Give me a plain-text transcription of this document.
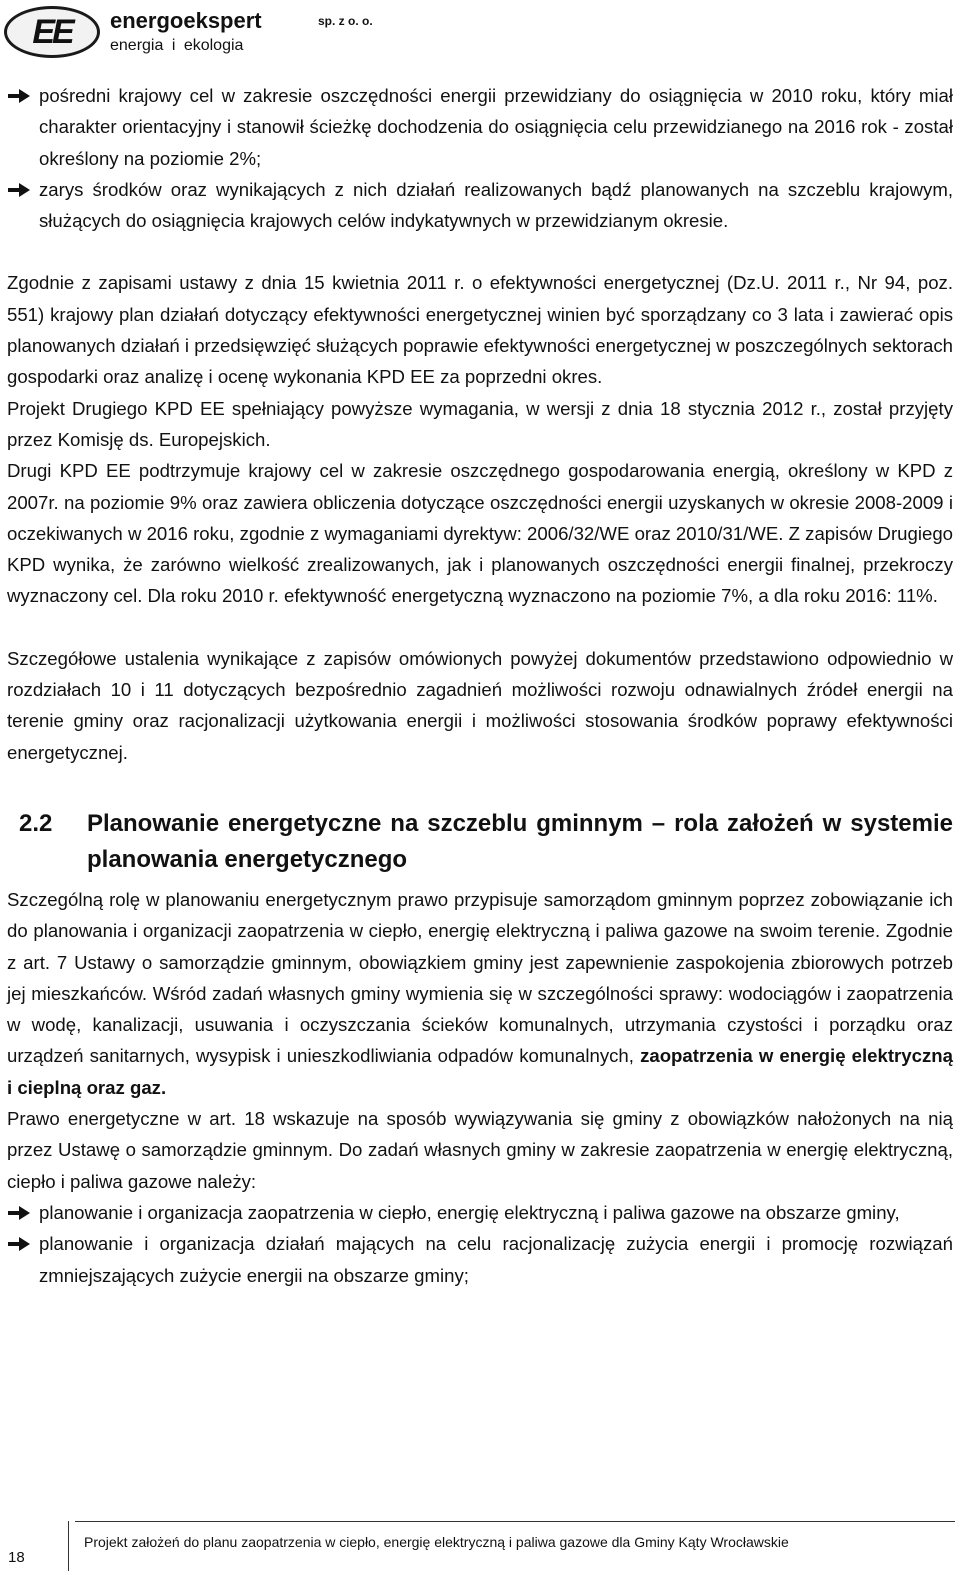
EE energoekspert	sp. z o. o.
energia i ekologia
pośredni krajowy cel w zakresie oszczędności energii przewidziany do osiągnięcia w 2010 roku, który miał charakter orientacyjny i stanowił ścieżkę dochodzenia do osiągnięcia celu przewidzianego na 2016 rok - został określony na poziomie 2%;
zarys środków oraz wynikających z nich działań realizowanych bądź planowanych na szczeblu krajowym, służących do osiągnięcia krajowych celów indykatywnych w przewidzianym okresie.

Zgodnie z zapisami ustawy z dnia 15 kwietnia 2011 r. o efektywności energetycznej (Dz.U. 2011 r., Nr 94, poz. 551) krajowy plan działań dotyczący efektywności energetycznej winien być sporządzany co 3 lata i zawierać opis planowanych działań i przedsięwzięć służących poprawie efektywności energetycznej w poszczególnych sektorach gospodarki oraz analizę i ocenę wykonania KPD EE za poprzedni okres.

Projekt Drugiego KPD EE spełniający powyższe wymagania, w wersji z dnia 18 stycznia 2012 r., został przyjęty przez Komisję ds. Europejskich.

Drugi KPD EE podtrzymuje krajowy cel w zakresie oszczędnego gospodarowania energią, określony w KPD z 2007r. na poziomie 9% oraz zawiera obliczenia dotyczące oszczędności energii uzyskanych w okresie 2008-2009 i oczekiwanych w 2016 roku, zgodnie z wymaganiami dyrektyw: 2006/32/WE oraz 2010/31/WE. Z zapisów Drugiego KPD wynika, że zarówno wielkość zrealizowanych, jak i planowanych oszczędności energii finalnej, przekroczy wyznaczony cel. Dla roku 2010 r. efektywność energetyczną wyznaczono na poziomie 7%, a dla roku 2016: 11%.

Szczegółowe ustalenia wynikające z zapisów omówionych powyżej dokumentów przedstawiono odpowiednio w rozdziałach 10 i 11 dotyczących bezpośrednio zagadnień możliwości rozwoju odnawialnych źródeł energii na terenie gminy oraz racjonalizacji użytkowania energii i możliwości stosowania środków poprawy efektywności energetycznej.

2.2	Planowanie energetyczne na szczeblu gminnym – rola założeń w systemie planowania energetycznego

Szczególną rolę w planowaniu energetycznym prawo przypisuje samorządom gminnym poprzez zobowiązanie ich do planowania i organizacji zaopatrzenia w ciepło, energię elektryczną i paliwa gazowe na swoim terenie. Zgodnie z art. 7 Ustawy o samorządzie gminnym, obowiązkiem gminy jest zapewnienie zaspokojenia zbiorowych potrzeb jej mieszkańców. Wśród zadań własnych gminy wymienia się w szczególności sprawy: wodociągów i zaopatrzenia w wodę, kanalizacji, usuwania i oczyszczania ścieków komunalnych, utrzymania czystości i porządku oraz urządzeń sanitarnych, wysypisk i unieszkodliwiania odpadów komunalnych, zaopatrzenia w energię elektryczną i cieplną oraz gaz.

Prawo energetyczne w art. 18 wskazuje na sposób wywiązywania się gminy z obowiązków nałożonych na nią przez Ustawę o samorządzie gminnym. Do zadań własnych gminy w zakresie zaopatrzenia w energię elektryczną, ciepło i paliwa gazowe należy:

planowanie i organizacja zaopatrzenia w ciepło, energię elektryczną i paliwa gazowe na obszarze gminy,
planowanie i organizacja działań mających na celu racjonalizację zużycia energii i promocję rozwiązań zmniejszających zużycie energii na obszarze gminy;
Projekt założeń do planu zaopatrzenia w ciepło, energię elektryczną i paliwa gazowe dla Gminy Kąty Wrocławskie
18
